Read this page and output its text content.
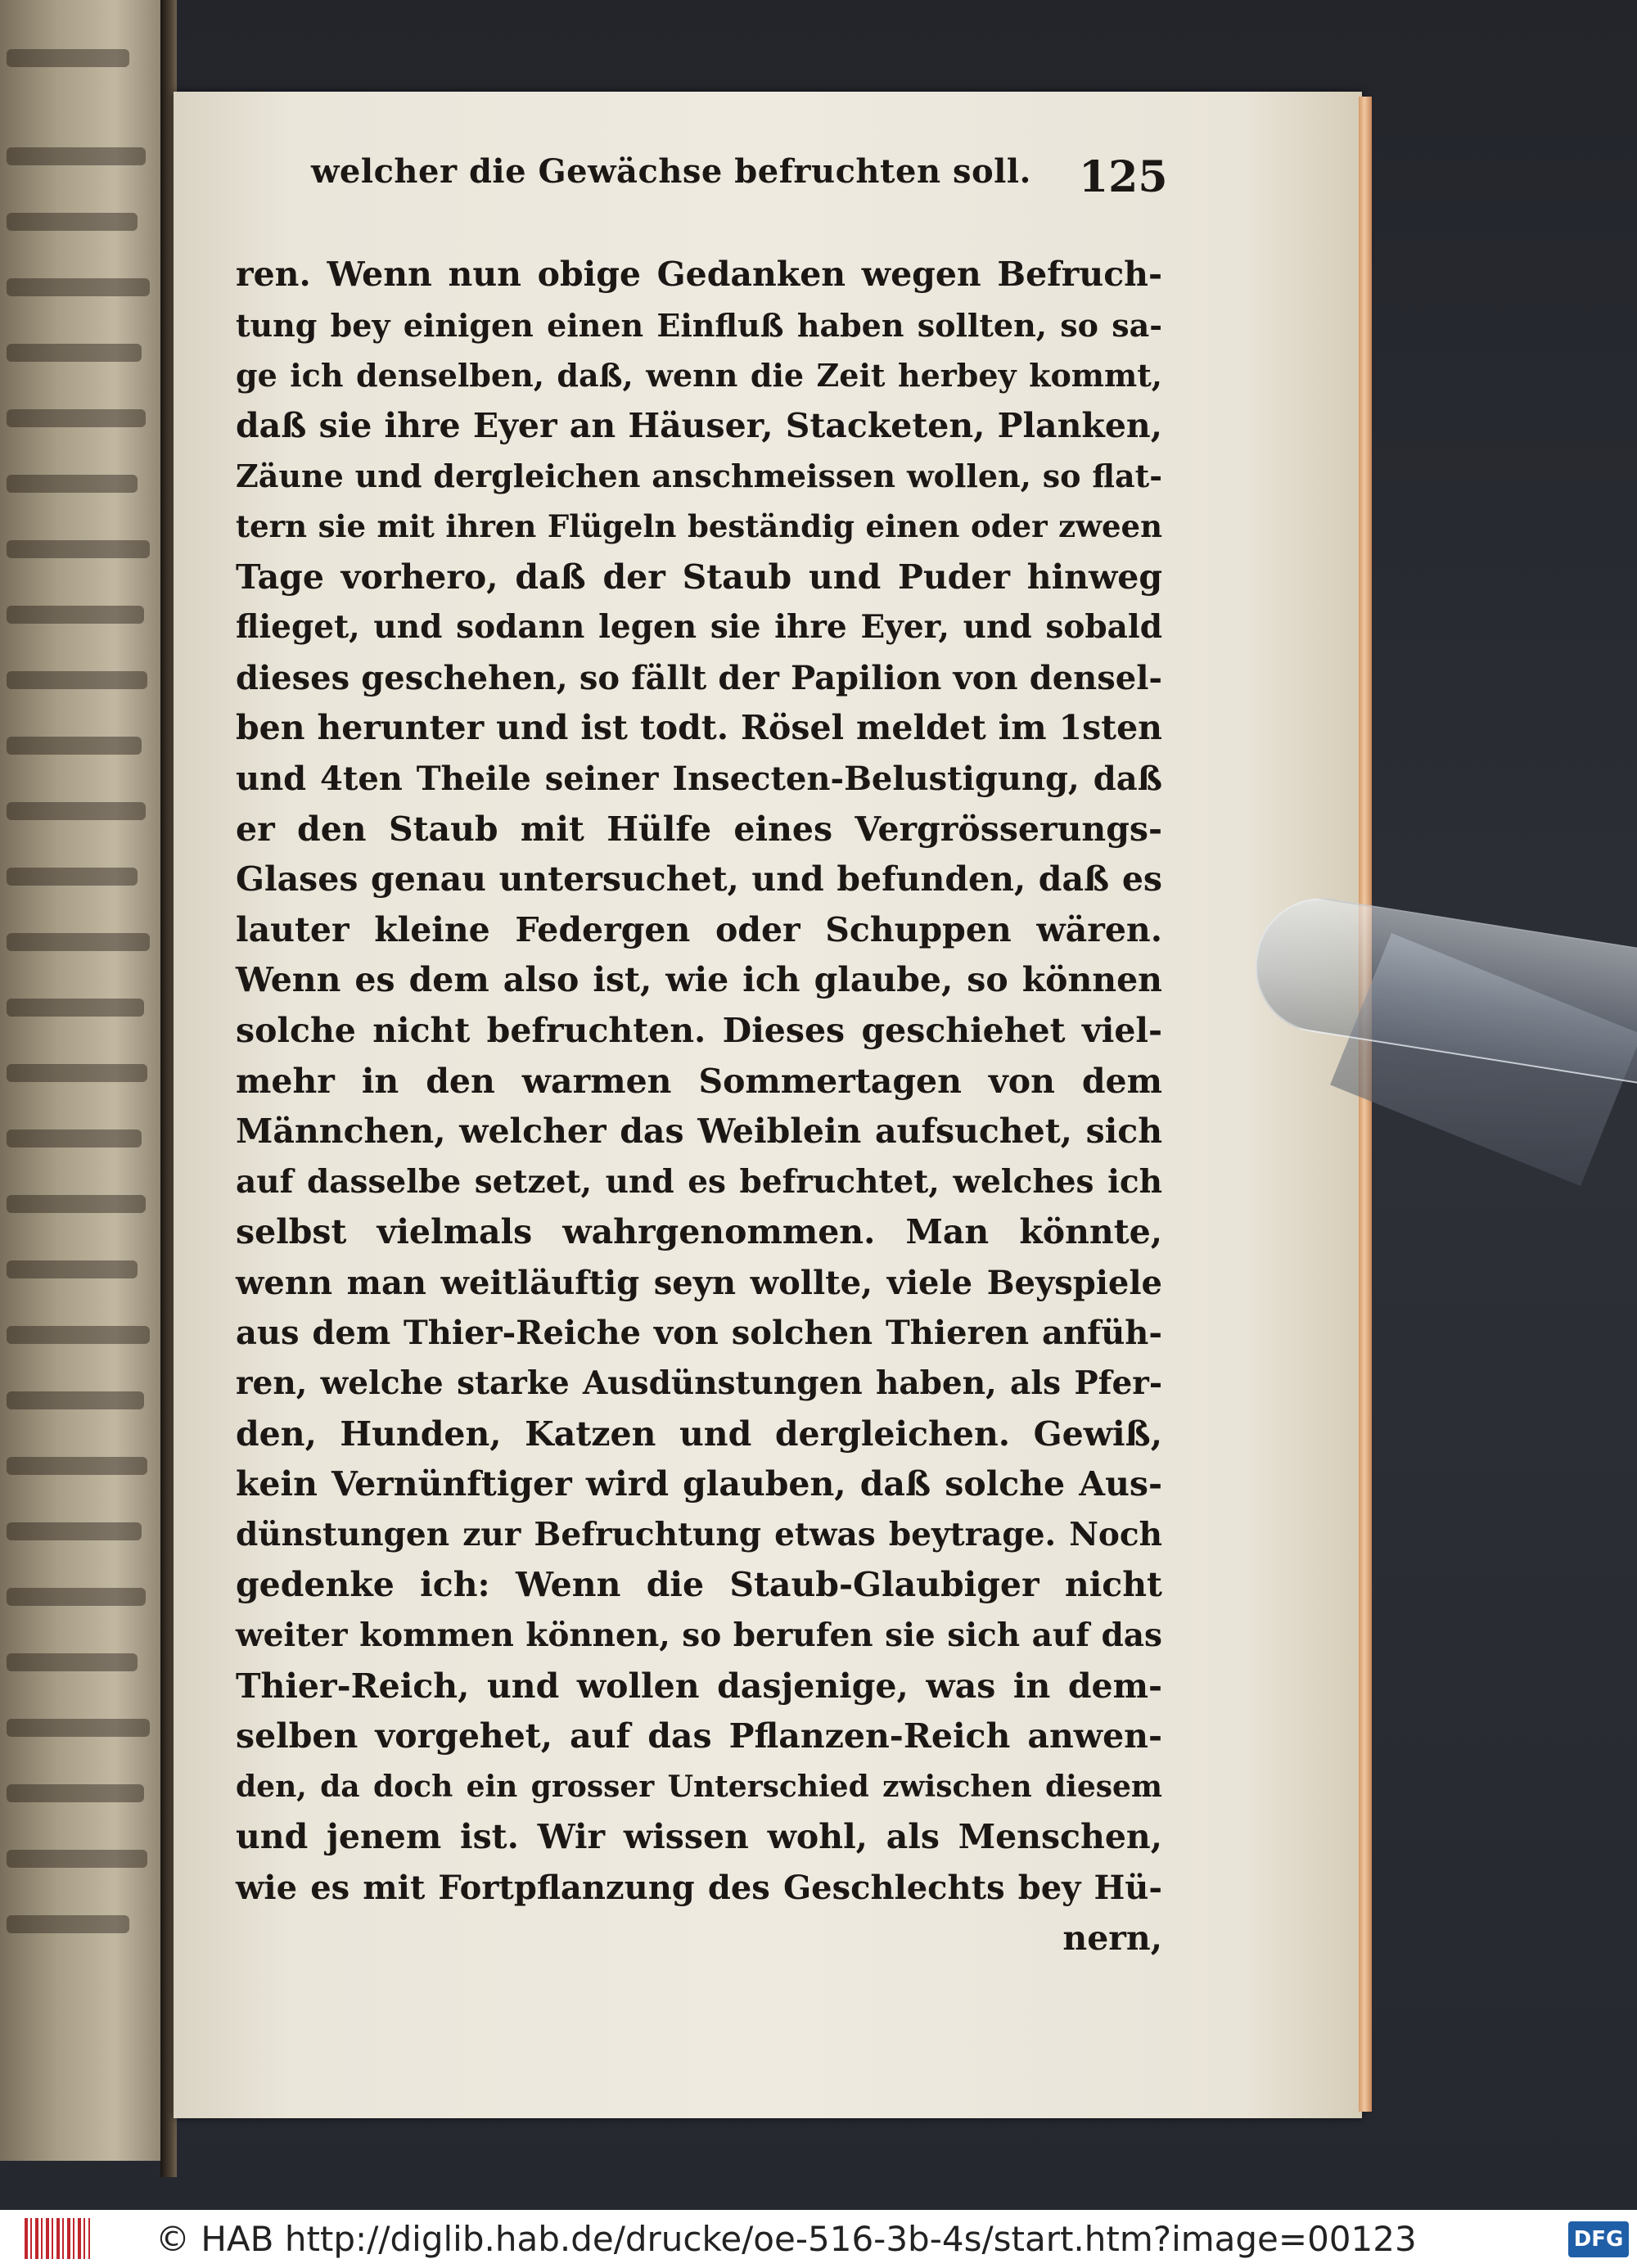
welcher die Gewächse befruchten soll. 125
ren. Wenn nun obige Gedanken wegen Befruch-
tung bey einigen einen Einfluß haben sollten, so sa-
ge ich denselben, daß, wenn die Zeit herbey kommt,
daß sie ihre Eyer an Häuser, Stacketen, Planken,
Zäune und dergleichen anschmeissen wollen, so flat-
tern sie mit ihren Flügeln beständig einen oder zween
Tage vorhero, daß der Staub und Puder hinweg
flieget, und sodann legen sie ihre Eyer, und sobald
dieses geschehen, so fällt der Papilion von densel-
ben herunter und ist todt. Rösel meldet im 1sten
und 4ten Theile seiner Insecten-Belustigung, daß
er den Staub mit Hülfe eines Vergrösserungs-
Glases genau untersuchet, und befunden, daß es
lauter kleine Federgen oder Schuppen wären.
Wenn es dem also ist, wie ich glaube, so können
solche nicht befruchten. Dieses geschiehet viel-
mehr in den warmen Sommertagen von dem
Männchen, welcher das Weiblein aufsuchet, sich
auf dasselbe setzet, und es befruchtet, welches ich
selbst vielmals wahrgenommen. Man könnte,
wenn man weitläuftig seyn wollte, viele Beyspiele
aus dem Thier-Reiche von solchen Thieren anfüh-
ren, welche starke Ausdünstungen haben, als Pfer-
den, Hunden, Katzen und dergleichen. Gewiß,
kein Vernünftiger wird glauben, daß solche Aus-
dünstungen zur Befruchtung etwas beytrage. Noch
gedenke ich: Wenn die Staub-Glaubiger nicht
weiter kommen können, so berufen sie sich auf das
Thier-Reich, und wollen dasjenige, was in dem-
selben vorgehet, auf das Pflanzen-Reich anwen-
den, da doch ein grosser Unterschied zwischen diesem
und jenem ist. Wir wissen wohl, als Menschen,
wie es mit Fortpflanzung des Geschlechts bey Hü-
nern,
© HAB http://diglib.hab.de/drucke/oe-516-3b-4s/start.htm?image=00123	DFG
